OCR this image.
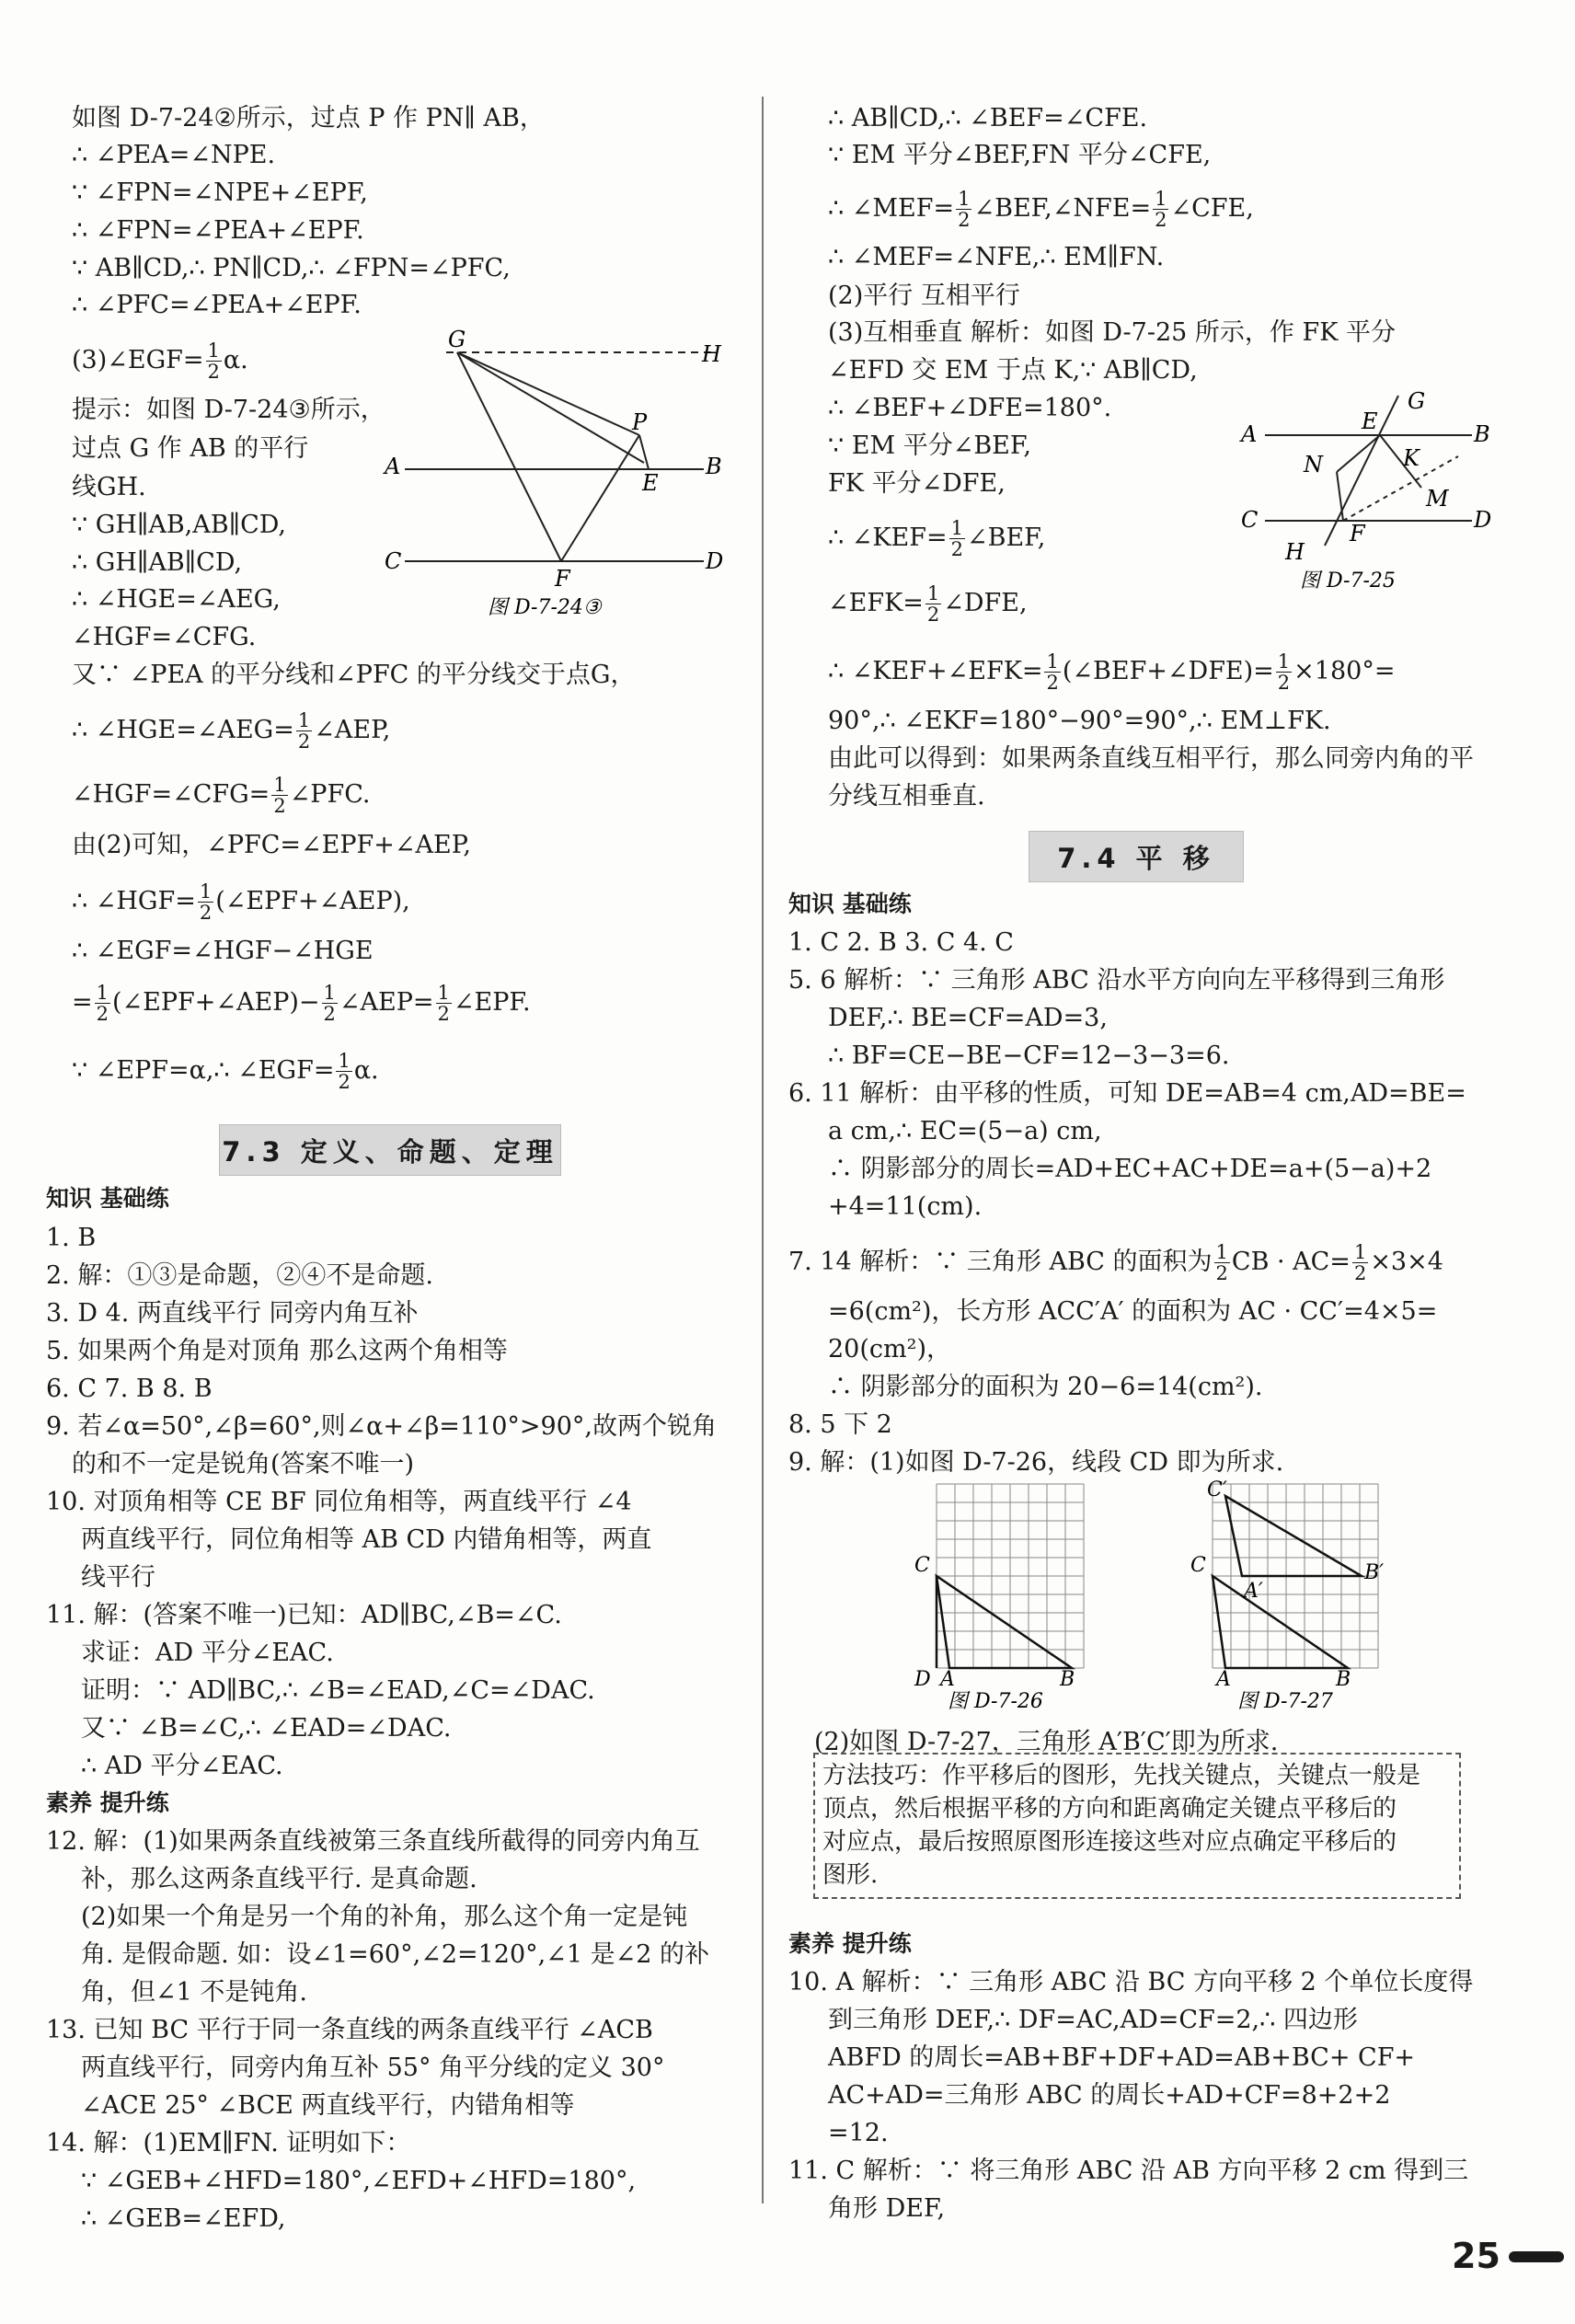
如图 D-7-24②所示，过点 P 作 PN∥ AB，
∴ ∠PEA=∠NPE.
∵ ∠FPN=∠NPE+∠EPF,
∴ ∠FPN=∠PEA+∠EPF.
∵ AB∥CD,∴ PN∥CD,∴ ∠FPN=∠PFC,
∴ ∠PFC=∠PEA+∠EPF.
(3)∠EGF= $\frac{1}{2} \alpha$.
提示：如图 D-7-24③所示，
过点 G 作 AB 的平行
线GH.
∵ GH∥AB,AB∥CD,
∴ GH∥AB∥CD,
∴ ∠HGE=∠AEG,
∠HGF=∠CFG.
又∵ ∠PEA 的平分线和∠PFC 的平分线交于点G，
∴ ∠HGE=∠AEG= $\frac{1}{2}$ ∠AEP,
∠HGF=∠CFG= $\frac{1}{2}$ ∠PFC.
由(2)可知，∠PFC=∠EPF+∠AEP,
∴ ∠HGF= $\frac{1}{2}$ (∠EPF+∠AEP),
∴ ∠EGF=∠HGF−∠HGE
= $\frac{1}{2}$ (∠EPF+∠AEP)− $\frac{1}{2}$ ∠AEP= $\frac{1}{2}$ ∠EPF.
∵ ∠EPF=α,∴ ∠EGF= $\frac{1}{2} \alpha$.
G
H
P
A
E
B
C
F
D
图 D-7-24③
7.3 定义、命题、定理
知识 基础练
1. B
2. 解：①③是命题，②④不是命题.
3. D 4. 两直线平行 同旁内角互补
5. 如果两个角是对顶角 那么这两个角相等
6. C 7. B 8. B
9. 若∠α=50°,∠β=60°,则∠α+∠β=110°>90°,故两个锐角
的和不一定是锐角(答案不唯一)
10. 对顶角相等 CE BF 同位角相等，两直线平行 ∠4
两直线平行，同位角相等 AB CD 内错角相等，两直
线平行
11. 解：(答案不唯一)已知：AD∥BC,∠B=∠C.
求证：AD 平分∠EAC.
证明：∵ AD∥BC,∴ ∠B=∠EAD,∠C=∠DAC.
又∵ ∠B=∠C,∴ ∠EAD=∠DAC.
∴ AD 平分∠EAC.
素养 提升练
12. 解：(1)如果两条直线被第三条直线所截得的同旁内角互
补，那么这两条直线平行. 是真命题.
(2)如果一个角是另一个角的补角，那么这个角一定是钝
角. 是假命题. 如：设∠1=60°,∠2=120°,∠1 是∠2 的补
角，但∠1 不是钝角.
13. 已知 BC 平行于同一条直线的两条直线平行 ∠ACB
两直线平行，同旁内角互补 55° 角平分线的定义 30°
∠ACE 25° ∠BCE 两直线平行，内错角相等
14. 解：(1)EM∥FN. 证明如下：
∵ ∠GEB+∠HFD=180°,∠EFD+∠HFD=180°,
∴ ∠GEB=∠EFD,
∴ AB∥CD,∴ ∠BEF=∠CFE.
∵ EM 平分∠BEF,FN 平分∠CFE,
∴ ∠MEF= $\frac{1}{2}$ ∠BEF,∠NFE= $\frac{1}{2}$ ∠CFE,
∴ ∠MEF=∠NFE,∴ EM∥FN.
(2)平行 互相平行
(3)互相垂直 解析：如图 D-7-25 所示，作 FK 平分
∠EFD 交 EM 于点 K,∵ AB∥CD,
∴ ∠BEF+∠DFE=180°.
∵ EM 平分∠BEF,
FK 平分∠DFE,
∴ ∠KEF= $\frac{1}{2}$ ∠BEF,
∠EFK= $\frac{1}{2}$ ∠DFE,
∴ ∠KEF+∠EFK= $\frac{1}{2}$ (∠BEF+∠DFE)= $\frac{1}{2} \times 180^\circ=$
90°,∴ ∠EKF=180°−90°=90°,∴ EM⊥FK.
由此可以得到：如果两条直线互相平行，那么同旁内角的平
分线互相垂直.
A	E
G
B
N	K
M
C
F
D
H
图 D-7-25
7.4 平 移
知识 基础练
1. C 2. B 3. C 4. C
5. 6 解析：∵ 三角形 ABC 沿水平方向向左平移得到三角形
DEF,∴ BE=CF=AD=3,
∴ BF=CE−BE−CF=12−3−3=6.
6. 11 解析：由平移的性质，可知 DE=AB=4 cm,AD=BE=
a cm,∴ EC=(5−a) cm,
∴ 阴影部分的周长=AD+EC+AC+DE=a+(5−a)+2
+4=11(cm).
7. 14 解析：∵ 三角形 ABC 的面积为 $\frac{1}{2}$ CB · $AC= \frac{1}{2} \times 3\times 4$
=6(cm²)，长方形 ACC′A′ 的面积为 AC · CC′=4×5=
20(cm²)，
∴ 阴影部分的面积为 20−6=14(cm²).
8. 5 下 2
9. 解：(1)如图 D-7-26，线段 CD 即为所求.
C
D A	B
图 D-7-26
C′
C	B′
A′
A	B
图 D-7-27
(2)如图 D-7-27，三角形 A′B′C′即为所求.
方法技巧：作平移后的图形，先找关键点，关键点一般是
顶点，然后根据平移的方向和距离确定关键点平移后的
对应点，最后按照原图形连接这些对应点确定平移后的
图形.
素养 提升练
10. A 解析：∵ 三角形 ABC 沿 BC 方向平移 2 个单位长度得
到三角形 DEF,∴ DF=AC,AD=CF=2,∴ 四边形
ABFD 的周长=AB+BF+DF+AD=AB+BC+ CF+
AC+AD=三角形 ABC 的周长+AD+CF=8+2+2
=12.
11. C 解析：∵ 将三角形 ABC 沿 AB 方向平移 2 cm 得到三
角形 DEF,
25
